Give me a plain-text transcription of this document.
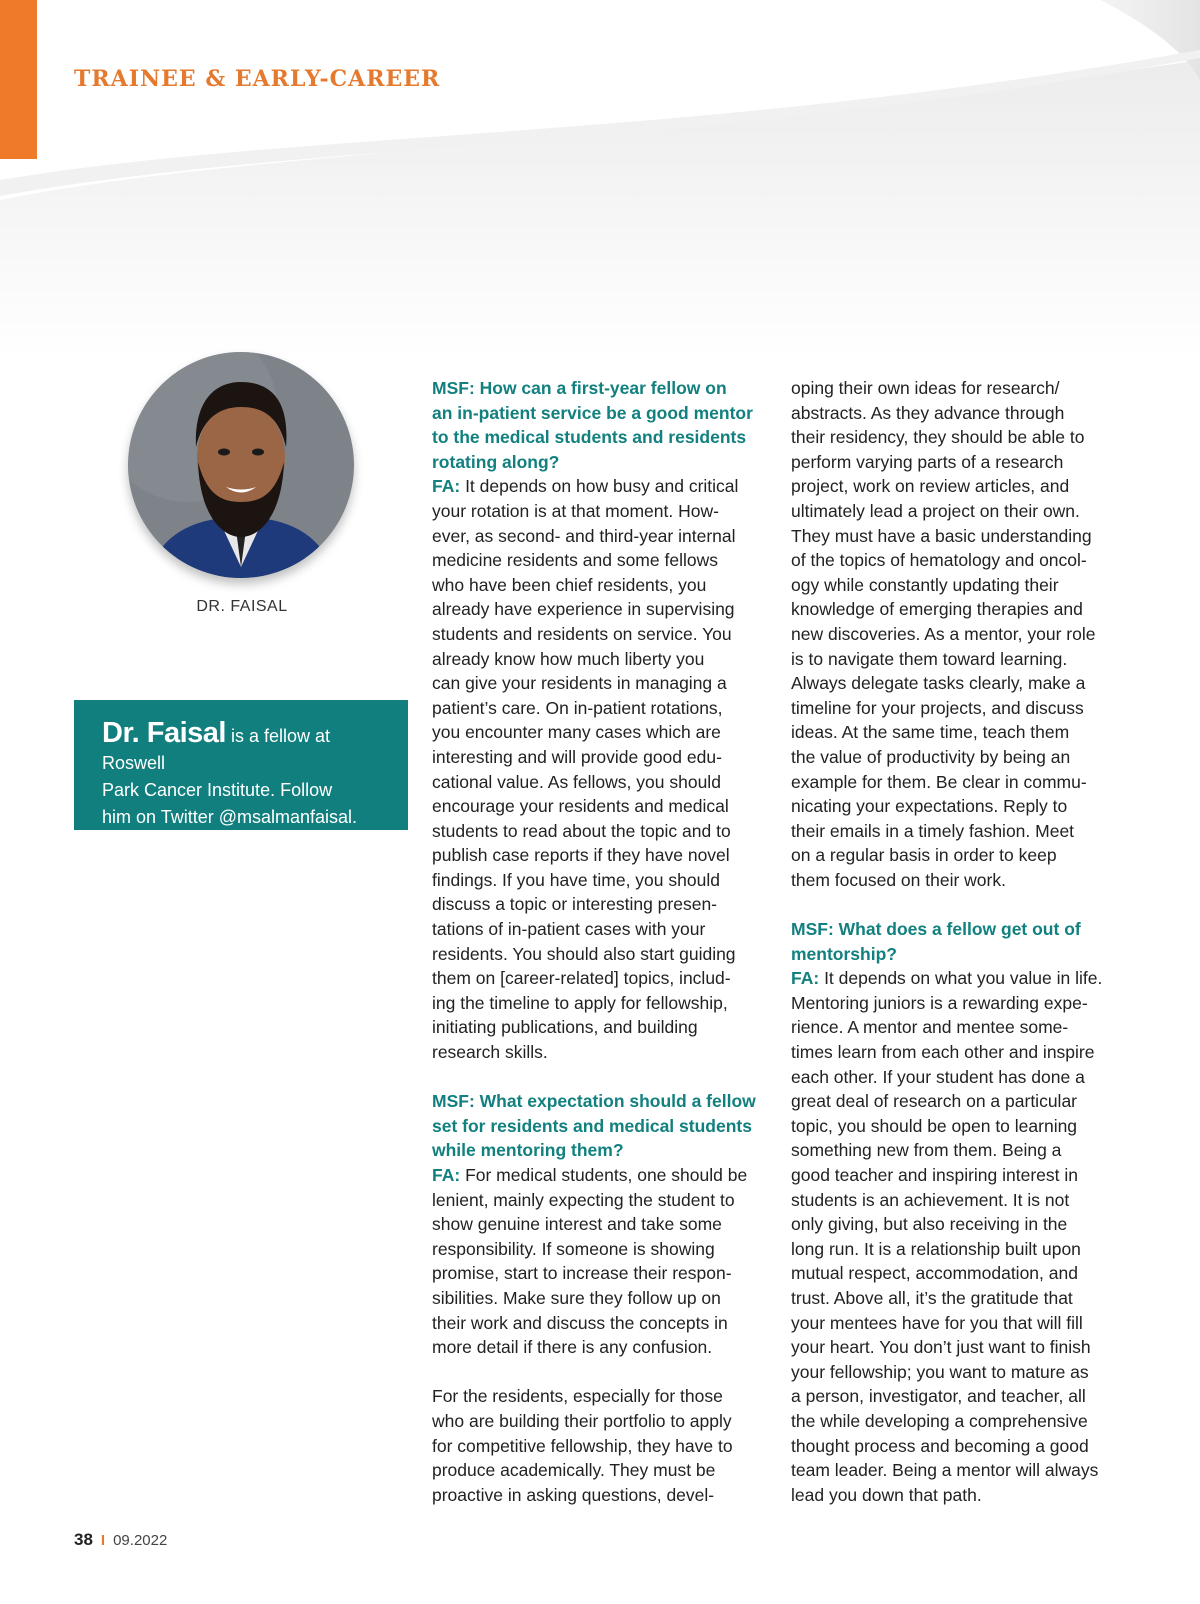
TRAINEE & EARLY-CAREER
DR. FAISAL
Dr. Faisal is a fellow at Roswell
Park Cancer Institute. Follow
him on Twitter @msalmanfaisal.
MSF: How can a first-year fellow on
an in-patient service be a good mentor
to the medical students and residents
rotating along?
FA: It depends on how busy and critical
your rotation is at that moment. How-
ever, as second- and third-year internal
medicine residents and some fellows
who have been chief residents, you
already have experience in supervising
students and residents on service. You
already know how much liberty you
can give your residents in managing a
patient’s care. On in-patient rotations,
you encounter many cases which are
interesting and will provide good edu-
cational value. As fellows, you should
encourage your residents and medical
students to read about the topic and to
publish case reports if they have novel
findings. If you have time, you should
discuss a topic or interesting presen-
tations of in-patient cases with your
residents. You should also start guiding
them on [career-related] topics, includ-
ing the timeline to apply for fellowship,
initiating publications, and building
research skills.
MSF: What expectation should a fellow
set for residents and medical students
while mentoring them?
FA: For medical students, one should be
lenient, mainly expecting the student to
show genuine interest and take some
responsibility. If someone is showing
promise, start to increase their respon-
sibilities. Make sure they follow up on
their work and discuss the concepts in
more detail if there is any confusion.
For the residents, especially for those
who are building their portfolio to apply
for competitive fellowship, they have to
produce academically. They must be
proactive in asking questions, devel-
oping their own ideas for research/
abstracts. As they advance through
their residency, they should be able to
perform varying parts of a research
project, work on review articles, and
ultimately lead a project on their own.
They must have a basic understanding
of the topics of hematology and oncol-
ogy while constantly updating their
knowledge of emerging therapies and
new discoveries. As a mentor, your role
is to navigate them toward learning.
Always delegate tasks clearly, make a
timeline for your projects, and discuss
ideas. At the same time, teach them
the value of productivity by being an
example for them. Be clear in commu-
nicating your expectations. Reply to
their emails in a timely fashion. Meet
on a regular basis in order to keep
them focused on their work.
MSF: What does a fellow get out of
mentorship?
FA: It depends on what you value in life.
Mentoring juniors is a rewarding expe-
rience. A mentor and mentee some-
times learn from each other and inspire
each other. If your student has done a
great deal of research on a particular
topic, you should be open to learning
something new from them. Being a
good teacher and inspiring interest in
students is an achievement. It is not
only giving, but also receiving in the
long run. It is a relationship built upon
mutual respect, accommodation, and
trust. Above all, it’s the gratitude that
your mentees have for you that will fill
your heart. You don’t just want to finish
your fellowship; you want to mature as
a person, investigator, and teacher, all
the while developing a comprehensive
thought process and becoming a good
team leader. Being a mentor will always
lead you down that path.
38 I 09.2022
